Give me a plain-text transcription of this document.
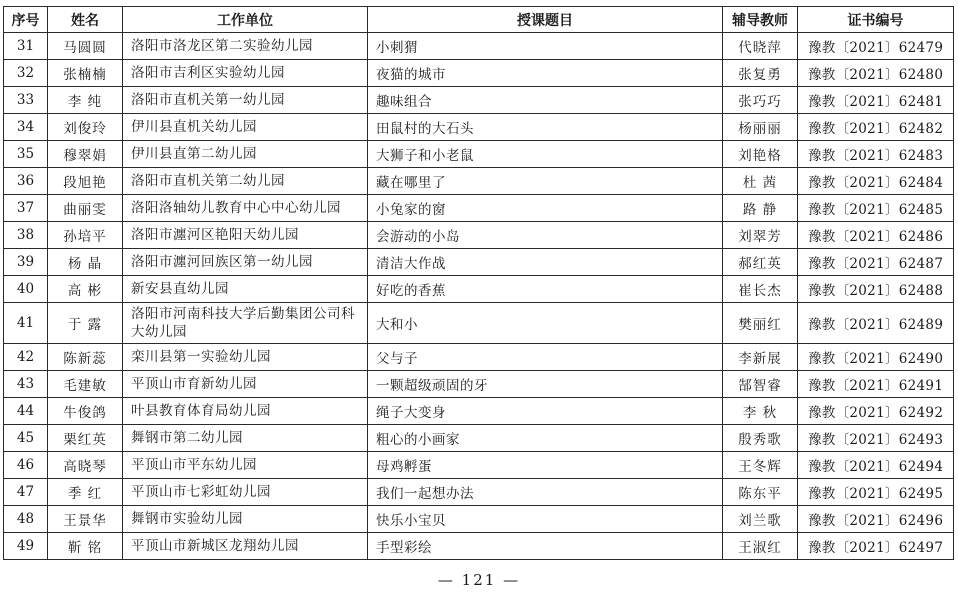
序号	姓名	工作单位	授课题目	辅导教师	证书编号
31	马圆圆	洛阳市洛龙区第二实验幼儿园	小刺猬	代晓萍	豫教〔2021〕62479
32	张楠楠	洛阳市吉利区实验幼儿园	夜猫的城市	张复勇	豫教〔2021〕62480
33	李 纯	洛阳市直机关第一幼儿园	趣味组合	张巧巧	豫教〔2021〕62481
34	刘俊玲	伊川县直机关幼儿园	田鼠村的大石头	杨丽丽	豫教〔2021〕62482
35	穆翠娟	伊川县直第二幼儿园	大狮子和小老鼠	刘艳格	豫教〔2021〕62483
36	段旭艳	洛阳市直机关第二幼儿园	藏在哪里了	杜 茜	豫教〔2021〕62484
37	曲丽雯	洛阳洛轴幼儿教育中心中心幼儿园	小兔家的窗	路 静	豫教〔2021〕62485
38	孙培平	洛阳市瀍河区艳阳天幼儿园	会游动的小岛	刘翠芳	豫教〔2021〕62486
39	杨 晶	洛阳市瀍河回族区第一幼儿园	清洁大作战	郝红英	豫教〔2021〕62487
40	高 彬	新安县直幼儿园	好吃的香蕉	崔长杰	豫教〔2021〕62488
41	于 露	洛阳市河南科技大学后勤集团公司科大幼儿园	大和小	樊丽红	豫教〔2021〕62489
42	陈新蕊	栾川县第一实验幼儿园	父与子	李新展	豫教〔2021〕62490
43	毛建敏	平顶山市育新幼儿园	一颗超级顽固的牙	郜智睿	豫教〔2021〕62491
44	牛俊鸽	叶县教育体育局幼儿园	绳子大变身	李 秋	豫教〔2021〕62492
45	栗红英	舞钢市第二幼儿园	粗心的小画家	殷秀歌	豫教〔2021〕62493
46	高晓琴	平顶山市平东幼儿园	母鸡孵蛋	王冬辉	豫教〔2021〕62494
47	季 红	平顶山市七彩虹幼儿园	我们一起想办法	陈东平	豫教〔2021〕62495
48	王景华	舞钢市实验幼儿园	快乐小宝贝	刘兰歌	豫教〔2021〕62496
49	靳 铭	平顶山市新城区龙翔幼儿园	手型彩绘	王淑红	豫教〔2021〕62497
— 121 —
